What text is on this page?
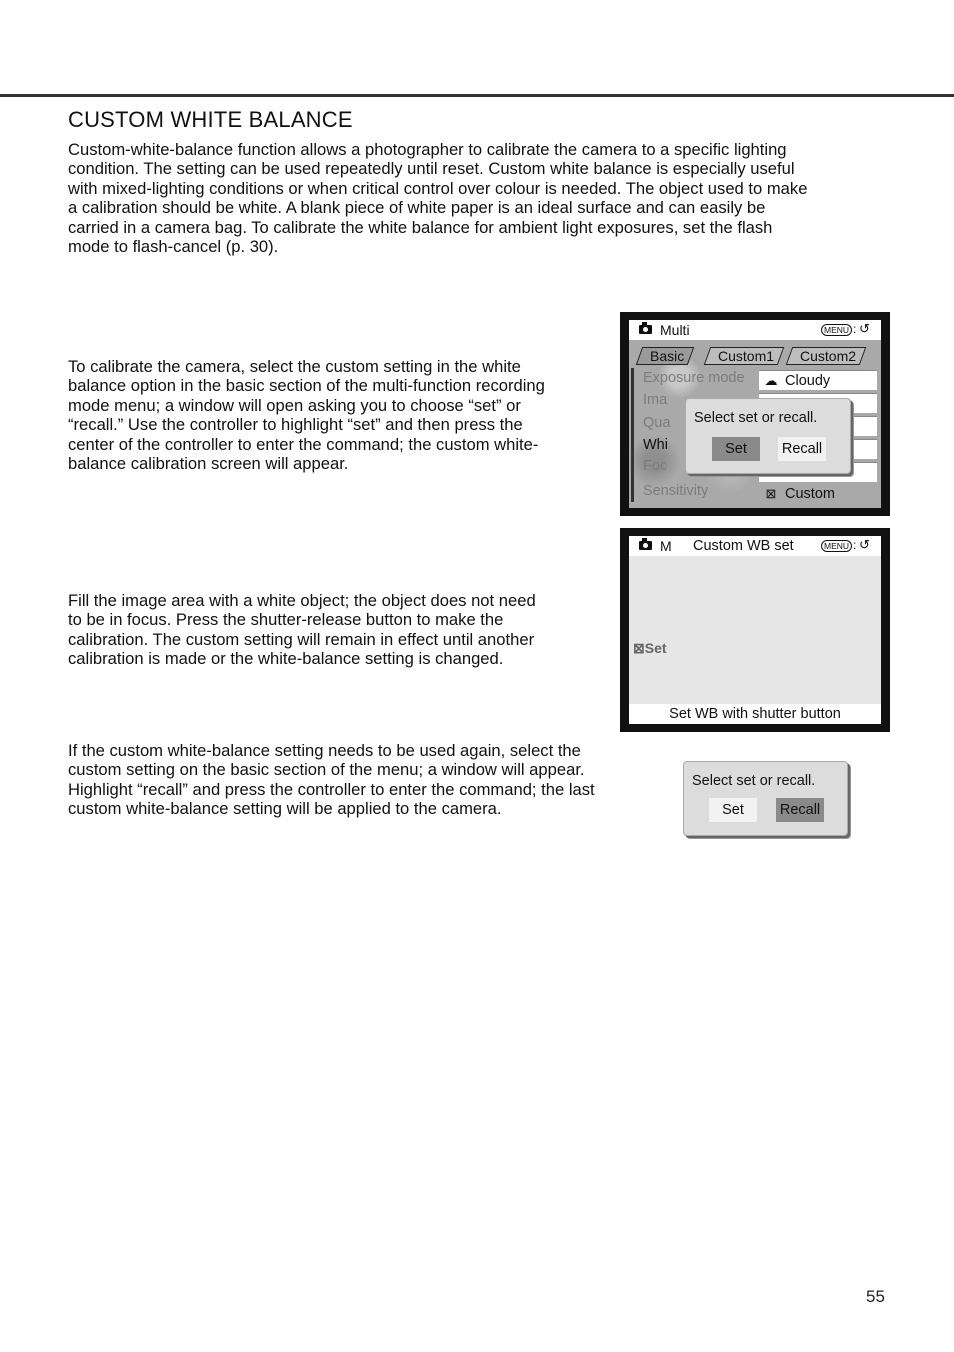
CUSTOM WHITE BALANCE
Custom-white-balance function allows a photographer to calibrate the camera to a specific lighting
condition. The setting can be used repeatedly until reset. Custom white balance is especially useful
with mixed-lighting conditions or when critical control over colour is needed. The object used to make
a calibration should be white. A blank piece of white paper is an ideal surface and can easily be
carried in a camera bag. To calibrate the white balance for ambient light exposures, set the flash
mode to flash-cancel (p. 30).
To calibrate the camera, select the custom setting in the white
balance option in the basic section of the multi-function recording
mode menu; a window will open asking you to choose “set” or
“recall.” Use the controller to highlight “set” and then press the
center of the controller to enter the command; the custom white-
balance calibration screen will appear.
Fill the image area with a white object; the object does not need
to be in focus. Press the shutter-release button to make the
calibration. The custom setting will remain in effect until another
calibration is made or the white-balance setting is changed.
If the custom white-balance setting needs to be used again, select the
custom setting on the basic section of the menu; a window will appear.
Highlight “recall” and press the controller to enter the command; the last
custom white-balance setting will be applied to the camera.
Multi	MENU : ↺
Basic	Custom1	Custom2
Exposure mode
Ima
Qua
Whi
Foc
Sensitivity
☁ Cloudy
⊠ Custom
Select set or recall.
Set	Recall
M Custom WB set	MENU : ↺
⊠Set
Set WB with shutter button
Select set or recall.
Set	Recall
55
